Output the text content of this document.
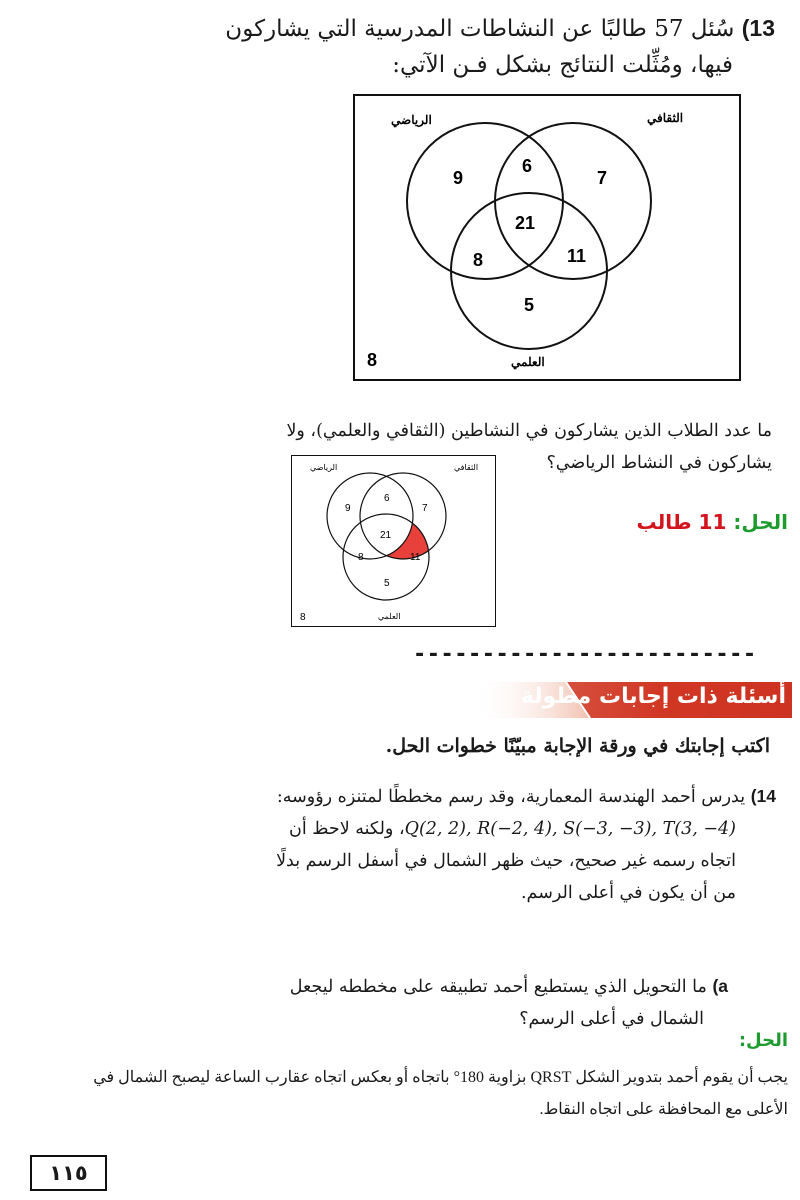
13) سُئل 57 طالبًا عن النشاطات المدرسية التي يشاركون
فيها، ومُثِّلت النتائج بشكل فـن الآتي:
الرياضي	الثقافي
العلمي
9
6
7
21
8	11
5
8
ما عدد الطلاب الذين يشاركون في النشاطين (الثقافي والعلمي)، ولا
يشاركون في النشاط الرياضي؟
الحل: 11 طالب
الرياضي	الثقافي
العلمي
9
6
7
21
8	11
5
8
-------------------------
أسئلة ذات إجابات مطولة
اكتب إجابتك في ورقة الإجابة مبيّنًا خطوات الحل.
14) يدرس أحمد الهندسة المعمارية، وقد رسم مخططًا لمتنزه رؤوسه:
Q(2, 2), R(−2, 4), S(−3, −3), T(3, −4)، ولكنه لاحظ أن
اتجاه رسمه غير صحيح، حيث ظهر الشمال في أسفل الرسم بدلًا
من أن يكون في أعلى الرسم.
a) ما التحويل الذي يستطيع أحمد تطبيقه على مخططه ليجعل
الشمال في أعلى الرسم؟
الحل:
يجب أن يقوم أحمد بتدوير الشكل QRST بزاوية 180° باتجاه أو بعكس اتجاه عقارب الساعة ليصبح الشمال في
الأعلى مع المحافظة على اتجاه النقاط.
١١٥
